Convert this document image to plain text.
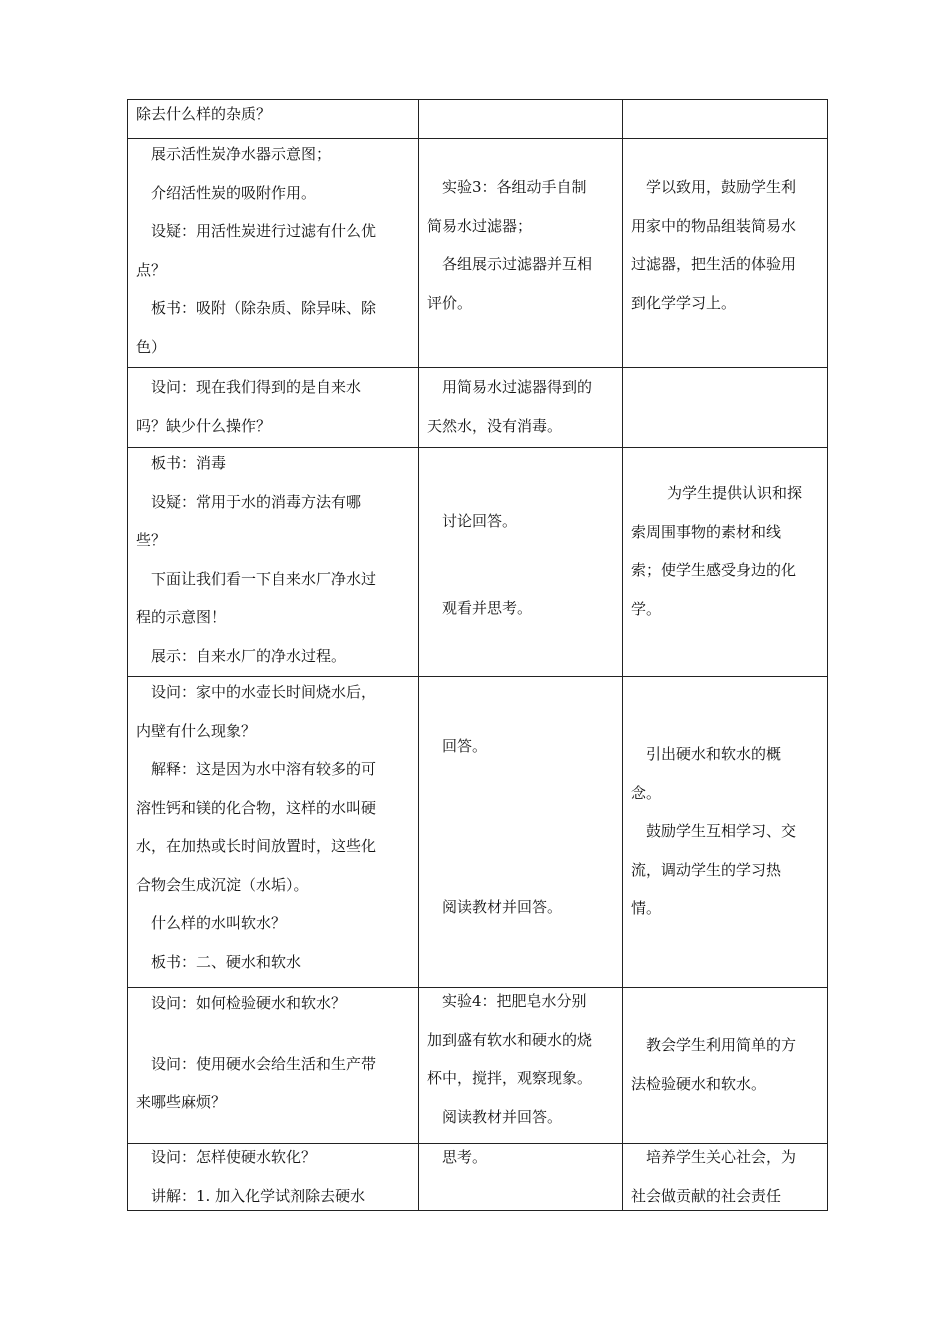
除去什么样的杂质？
展示活性炭净水器示意图；
介绍活性炭的吸附作用。
设疑：用活性炭进行过滤有什么优
点？
板书：吸附（除杂质、除异味、除
色）
实验3：各组动手自制
简易水过滤器；
各组展示过滤器并互相
评价。
学以致用，鼓励学生利
用家中的物品组装简易水
过滤器，把生活的体验用
到化学学习上。
设问：现在我们得到的是自来水
吗？缺少什么操作？
用简易水过滤器得到的
天然水，没有消毒。
板书：消毒
设疑：常用于水的消毒方法有哪
些？
下面让我们看一下自来水厂净水过
程的示意图！
展示：自来水厂的净水过程。
讨论回答。
观看并思考。
为学生提供认识和探
索周围事物的素材和线
索；使学生感受身边的化
学。
设问：家中的水壶长时间烧水后，
内壁有什么现象？
解释：这是因为水中溶有较多的可
溶性钙和镁的化合物，这样的水叫硬
水，在加热或长时间放置时，这些化
合物会生成沉淀（水垢）。
什么样的水叫软水？
板书：二、硬水和软水
回答。
阅读教材并回答。
引出硬水和软水的概
念。
鼓励学生互相学习、交
流，调动学生的学习热
情。
设问：如何检验硬水和软水？
设问：使用硬水会给生活和生产带
来哪些麻烦？
实验4：把肥皂水分别
加到盛有软水和硬水的烧
杯中，搅拌，观察现象。
阅读教材并回答。
教会学生利用简单的方
法检验硬水和软水。
设问：怎样使硬水软化？
讲解：1. 加入化学试剂除去硬水
思考。	培养学生关心社会，为
社会做贡献的社会责任
